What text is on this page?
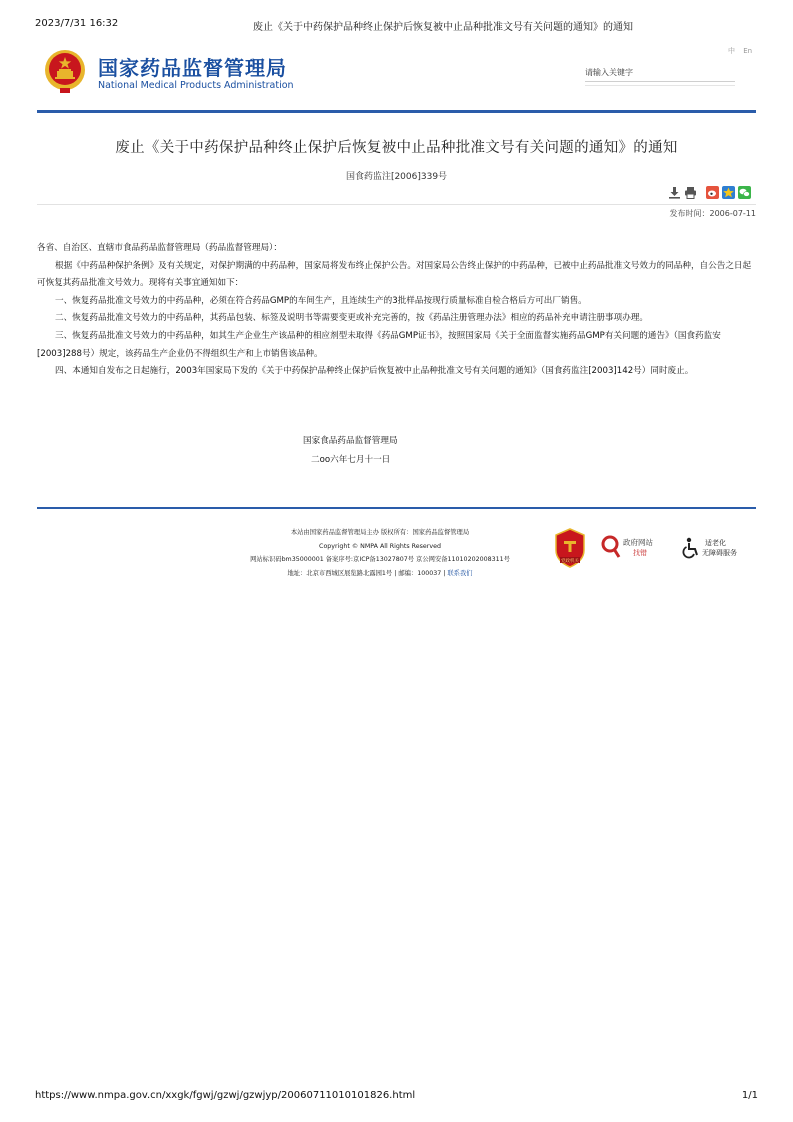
2023/7/31 16:32	废止《关于中药保护品种终止保护后恢复被中止品种批准文号有关问题的通知》的通知
国家药品监督管理局
National Medical Products Administration
中 En
请输入关键字
废止《关于中药保护品种终止保护后恢复被中止品种批准文号有关问题的通知》的通知
国食药监注[2006]339号
发布时间：2006-07-11

各省、自治区、直辖市食品药品监督管理局（药品监督管理局）：

根据《中药品种保护条例》及有关规定，对保护期满的中药品种，国家局将发布终止保护公告。对国家局公告终止保护的中药品种，已被中止药品批准文号效力的同品种，自公告之日起可恢复其药品批准文号效力。现将有关事宜通知如下：

一、恢复药品批准文号效力的中药品种，必须在符合药品GMP的车间生产，且连续生产的3批样品按现行质量标准自检合格后方可出厂销售。

二、恢复药品批准文号效力的中药品种，其药品包装、标签及说明书等需要变更或补充完善的，按《药品注册管理办法》相应的药品补充申请注册事项办理。

三、恢复药品批准文号效力的中药品种，如其生产企业生产该品种的相应剂型未取得《药品GMP证书》，按照国家局《关于全面监督实施药品GMP有关问题的通告》（国食药监安[2003]288号）规定，该药品生产企业仍不得组织生产和上市销售该品种。

四、本通知自发布之日起施行，2003年国家局下发的《关于中药保护品种终止保护后恢复被中止品种批准文号有关问题的通知》（国食药监注[2003]142号）同时废止。

国家食品药品监督管理局

二oo六年七月十一日

本站由国家药品监督管理局主办 版权所有：国家药品监督管理局

Copyright © NMPA All Rights Reserved

网站标识码bm35000001 备案序号:京ICP备13027807号 京公网安备11010202008311号

地址：北京市西城区展览路北露园1号 | 邮编：100037 | 联系我们

党政机关
政府网站
找错
适老化
无障碍服务
https://www.nmpa.gov.cn/xxgk/fgwj/gzwj/gzwjyp/20060711010101826.html	1/1
